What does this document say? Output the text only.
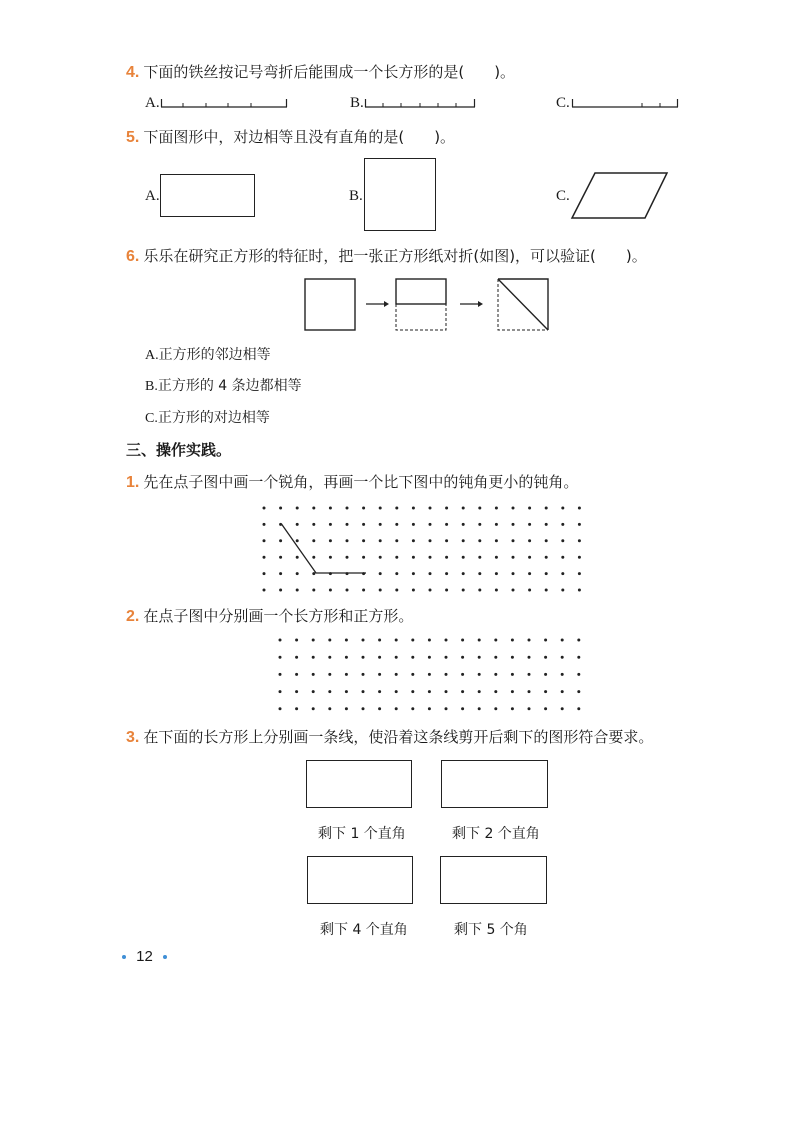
4. 下面的铁丝按记号弯折后能围成一个长方形的是(　　)。
A.	B.	C.
5. 下面图形中，对边相等且没有直角的是(　　)。
A.	B.	C.
6. 乐乐在研究正方形的特征时，把一张正方形纸对折(如图)，可以验证(　　)。
A.正方形的邻边相等
B.正方形的 4 条边都相等
C.正方形的对边相等
三、操作实践。
1. 先在点子图中画一个锐角，再画一个比下图中的钝角更小的钝角。
2. 在点子图中分别画一个长方形和正方形。
3. 在下面的长方形上分别画一条线，使沿着这条线剪开后剩下的图形符合要求。
剩下 1 个直角	剩下 2 个直角
剩下 4 个直角	剩下 5 个角
12
